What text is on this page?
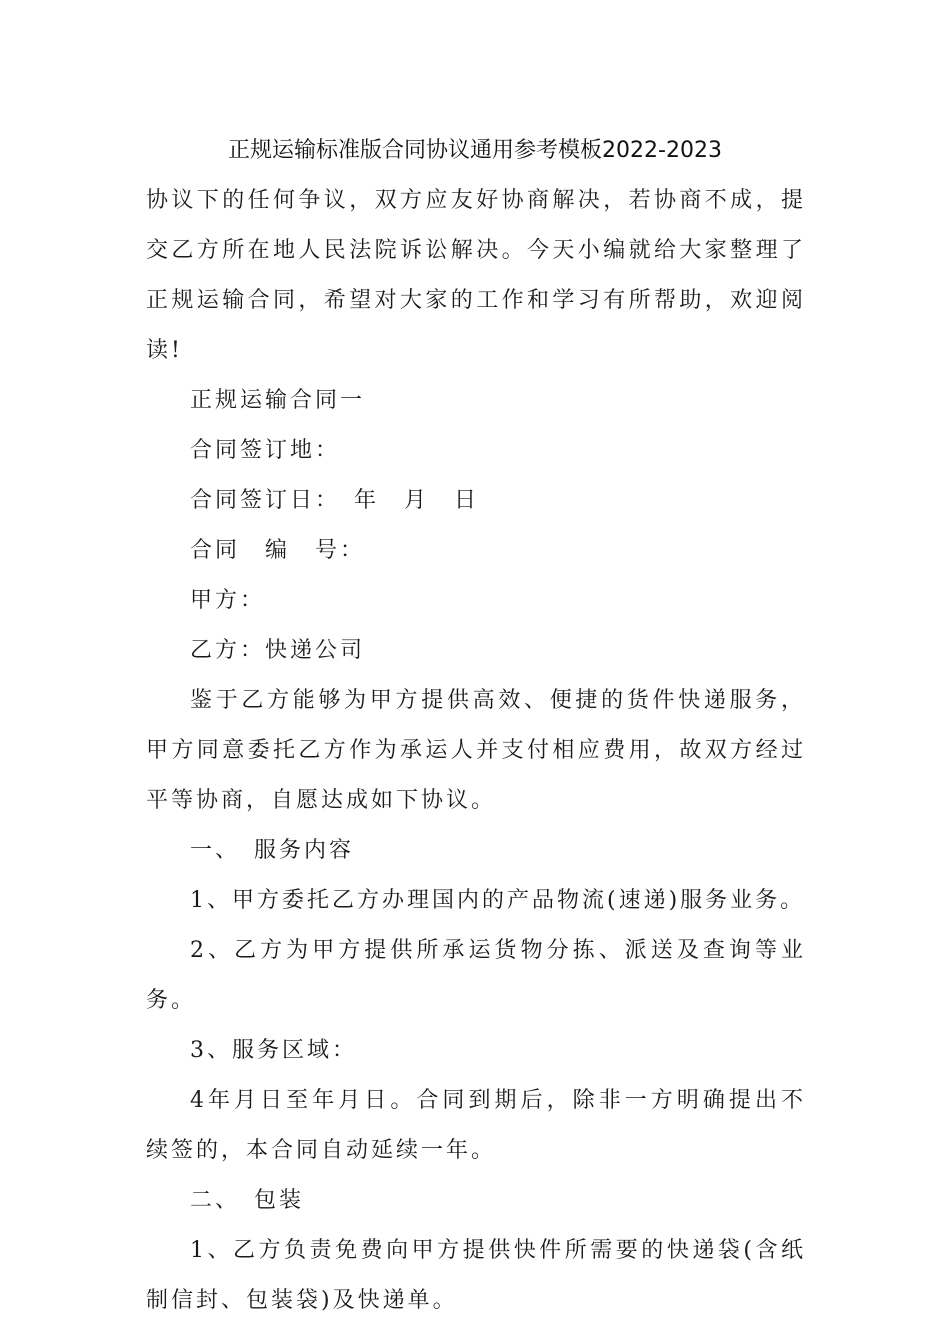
正规运输标准版合同协议通用参考模板2022-2023

协议下的任何争议，双方应友好协商解决，若协商不成，提交乙方所在地人民法院诉讼解决。今天小编就给大家整理了正规运输合同，希望对大家的工作和学习有所帮助，欢迎阅读!

正规运输合同一

合同签订地：

合同签订日：　年　月　日

合同　编　号：

甲方：

乙方：快递公司

鉴于乙方能够为甲方提供高效、便捷的货件快递服务，甲方同意委托乙方作为承运人并支付相应费用，故双方经过平等协商，自愿达成如下协议。

一、　服务内容

1、甲方委托乙方办理国内的产品物流(速递)服务业务。

2、乙方为甲方提供所承运货物分拣、派送及查询等业务。

3、服务区域：

4年月日至年月日。合同到期后，除非一方明确提出不续签的，本合同自动延续一年。

二、　包装

1、乙方负责免费向甲方提供快件所需要的快递袋(含纸制信封、包装袋)及快递单。
